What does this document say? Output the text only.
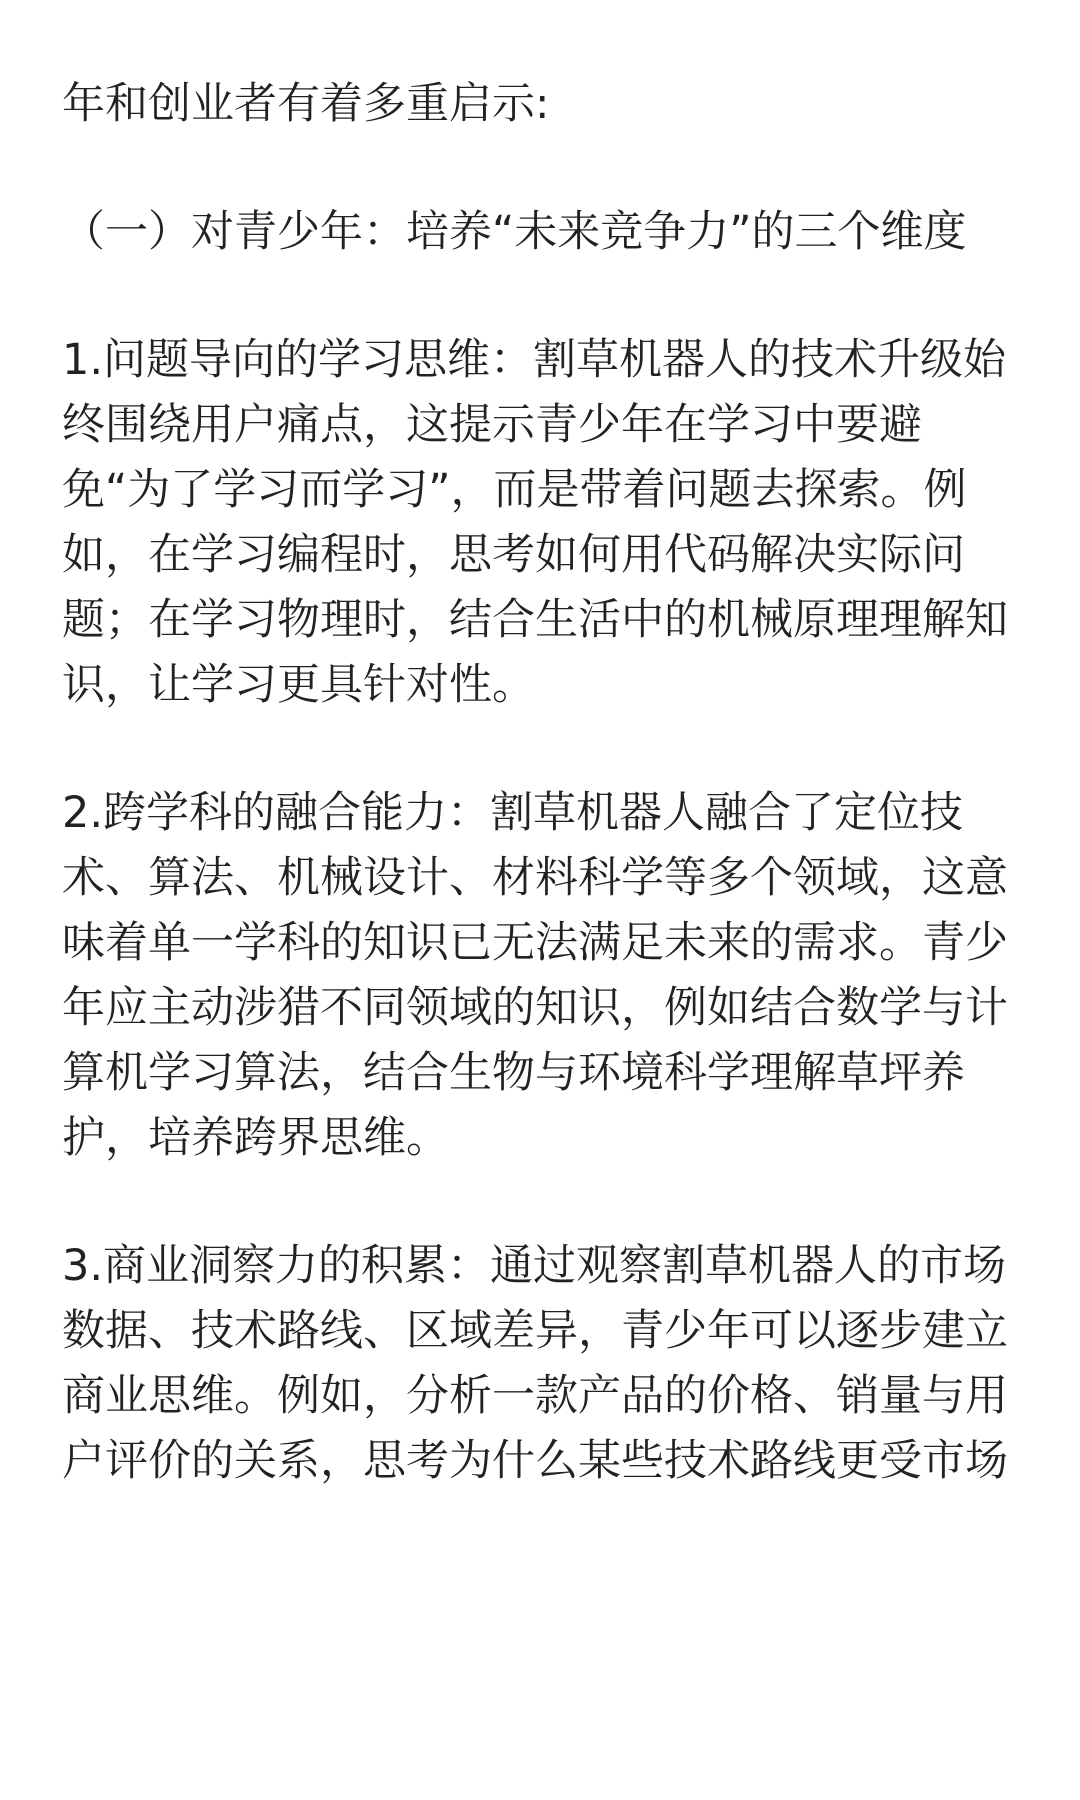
年和创业者有着多重启示:

（一）对青少年：培养“未来竞争力”的三个维度

1.问题导向的学习思维：割草机器人的技术升级始

终围绕用户痛点，这提示青少年在学习中要避

免“为了学习而学习”，而是带着问题去探索。例

如，在学习编程时，思考如何用代码解决实际问

题；在学习物理时，结合生活中的机械原理理解知

识，让学习更具针对性。

2.跨学科的融合能力：割草机器人融合了定位技

术、算法、机械设计、材料科学等多个领域，这意

味着单一学科的知识已无法满足未来的需求。青少

年应主动涉猎不同领域的知识，例如结合数学与计

算机学习算法，结合生物与环境科学理解草坪养

护，培养跨界思维。

3.商业洞察力的积累：通过观察割草机器人的市场

数据、技术路线、区域差异，青少年可以逐步建立

商业思维。例如，分析一款产品的价格、销量与用

户评价的关系，思考为什么某些技术路线更受市场
